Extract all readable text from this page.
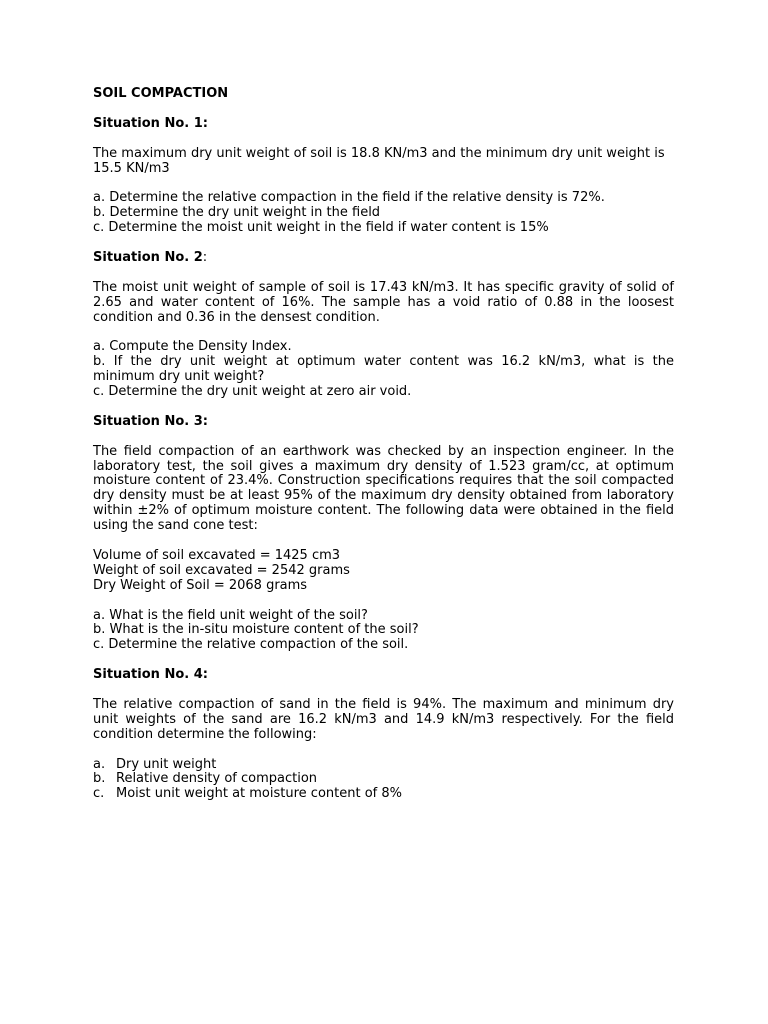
SOIL COMPACTION

Situation No. 1:

The maximum dry unit weight of soil is 18.8 KN/m3 and the minimum dry unit weight is 15.5 KN/m3

a. Determine the relative compaction in the field if the relative density is 72%.

b. Determine the dry unit weight in the field

c. Determine the moist unit weight in the field if water content is 15%

Situation No. 2:

The moist unit weight of sample of soil is 17.43 kN/m3. It has specific gravity of solid of 2.65 and water content of 16%. The sample has a void ratio of 0.88 in the loosest condition and 0.36 in the densest condition.

a. Compute the Density Index.

b. If the dry unit weight at optimum water content was 16.2 kN/m3, what is the minimum dry unit weight?

c. Determine the dry unit weight at zero air void.

Situation No. 3:

The field compaction of an earthwork was checked by an inspection engineer. In the laboratory test, the soil gives a maximum dry density of 1.523 gram/cc, at optimum moisture content of 23.4%. Construction specifications requires that the soil compacted dry density must be at least 95% of the maximum dry density obtained from laboratory within ±2% of optimum moisture content. The following data were obtained in the field using the sand cone test:

Volume of soil excavated = 1425 cm3

Weight of soil excavated = 2542 grams

Dry Weight of Soil = 2068 grams

a. What is the field unit weight of the soil?

b. What is the in-situ moisture content of the soil?

c. Determine the relative compaction of the soil.

Situation No. 4:

The relative compaction of sand in the field is 94%. The maximum and minimum dry unit weights of the sand are 16.2 kN/m3 and 14.9 kN/m3 respectively. For the field condition determine the following:

a. Dry unit weight
b. Relative density of compaction
c. Moist unit weight at moisture content of 8%
